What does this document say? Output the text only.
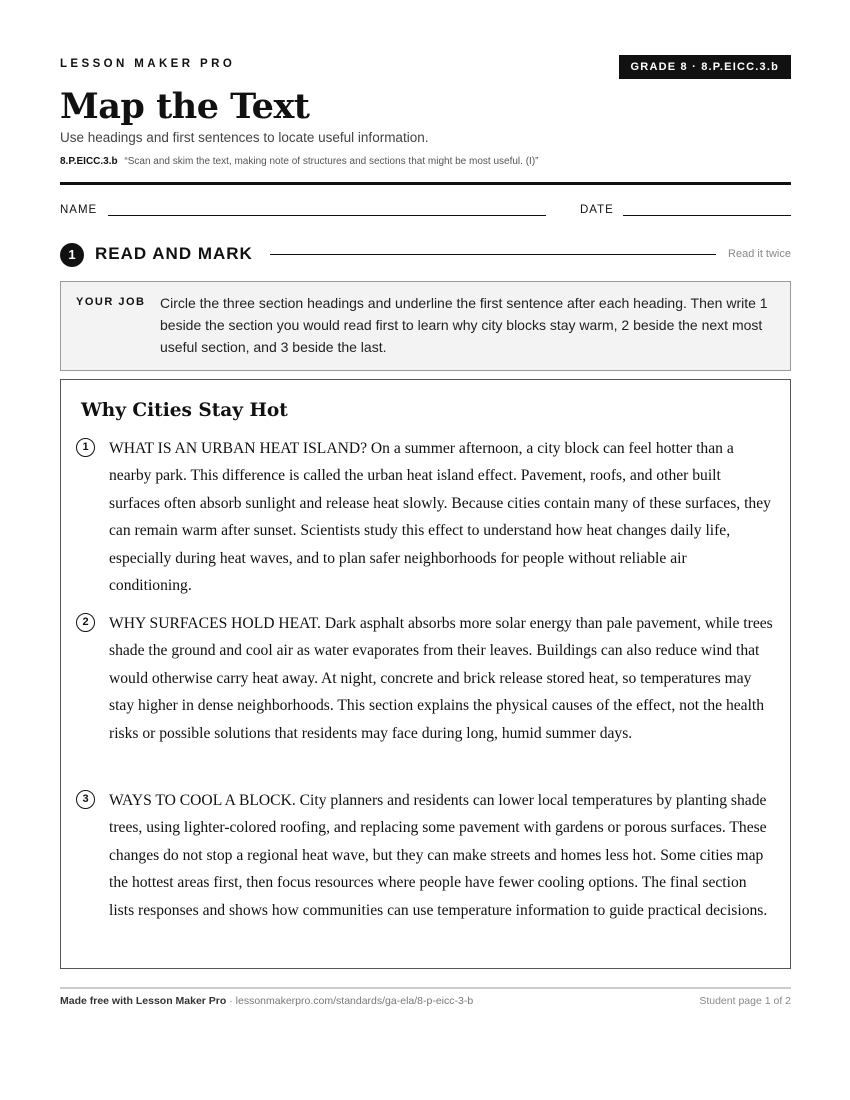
LESSON MAKER PRO	GRADE 8 · 8.P.EICC.3.b
Map the Text
Use headings and first sentences to locate useful information.
8.P.EICC.3.b “Scan and skim the text, making note of structures and sections that might be most useful. (I)”
NAME	DATE
1	READ AND MARK	Read it twice
YOUR JOB Circle the three section headings and underline the first sentence after each heading. Then write 1 beside the section you would read first to learn why city blocks stay warm, 2 beside the next most useful section, and 3 beside the last.
Why Cities Stay Hot
1	WHAT IS AN URBAN HEAT ISLAND? On a summer afternoon, a city block can feel hotter than a nearby park. This difference is called the urban heat island effect. Pavement, roofs, and other built surfaces often absorb sunlight and release heat slowly. Because cities contain many of these surfaces, they can remain warm after sunset. Scientists study this effect to understand how heat changes daily life, especially during heat waves, and to plan safer neighborhoods for people without reliable air conditioning.

2	WHY SURFACES HOLD HEAT. Dark asphalt absorbs more solar energy than pale pavement, while trees shade the ground and cool air as water evaporates from their leaves. Buildings can also reduce wind that would otherwise carry heat away. At night, concrete and brick release stored heat, so temperatures may stay higher in dense neighborhoods. This section explains the physical causes of the effect, not the health risks or possible solutions that residents may face during long, humid summer days.

3	WAYS TO COOL A BLOCK. City planners and residents can lower local temperatures by planting shade trees, using lighter-colored roofing, and replacing some pavement with gardens or porous surfaces. These changes do not stop a regional heat wave, but they can make streets and homes less hot. Some cities map the hottest areas first, then focus resources where people have fewer cooling options. The final section lists responses and shows how communities can use temperature information to guide practical decisions.

Made free with Lesson Maker Pro · lessonmakerpro.com/standards/ga-ela/8-p-eicc-3-b	Student page 1 of 2
